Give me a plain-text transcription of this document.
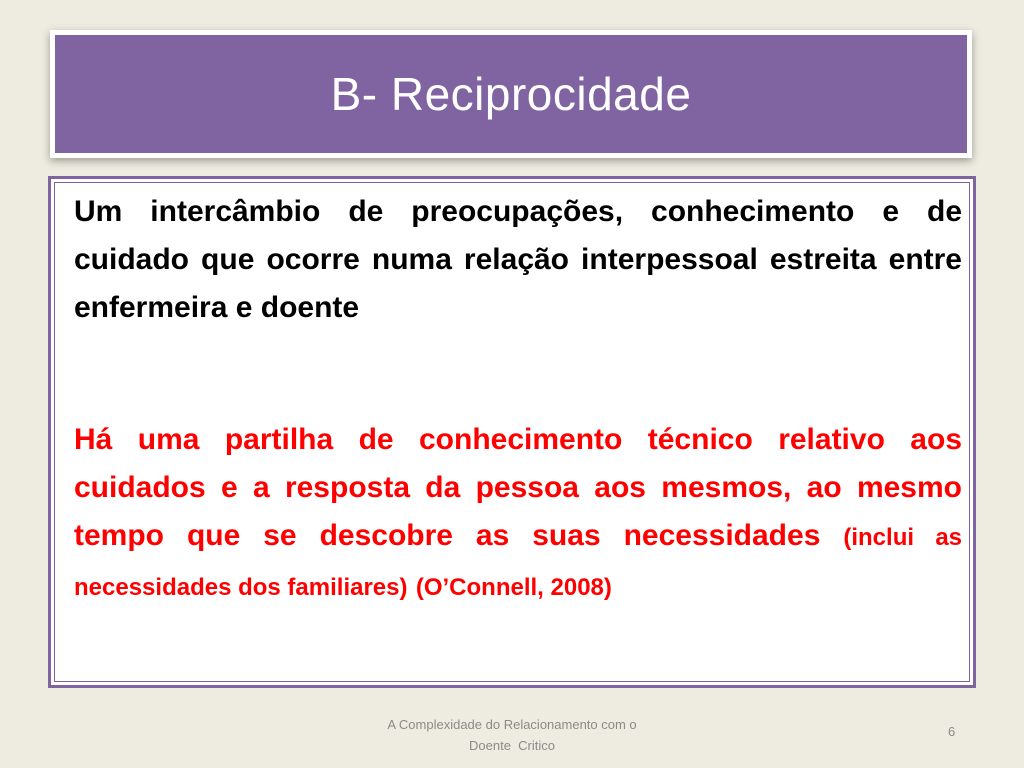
B- Reciprocidade
Um intercâmbio de preocupações, conhecimento e de cuidado que ocorre numa relação interpessoal estreita entre enfermeira e doente
Há uma partilha de conhecimento técnico relativo aos cuidados e a resposta da pessoa aos mesmos, ao mesmo tempo que se descobre as suas necessidades (inclui as necessidades dos familiares) (O’Connell, 2008)
A Complexidade do Relacionamento com o
Doente  Critico
6
